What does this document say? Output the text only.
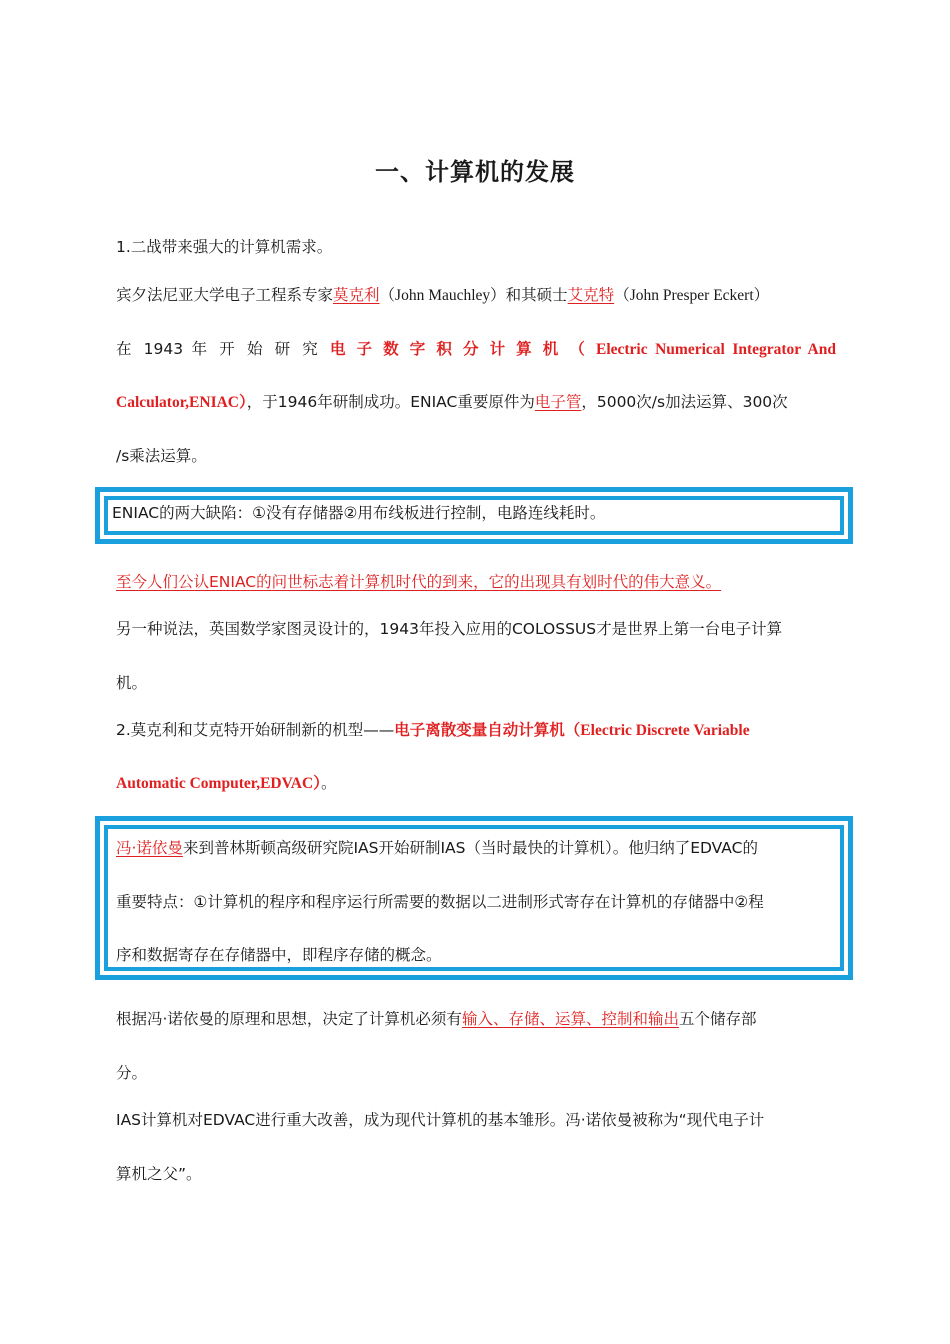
一、计算机的发展
1.二战带来强大的计算机需求。
宾夕法尼亚大学电子工程系专家莫克利（John Mauchley）和其硕士艾克特（John Presper Eckert）
在 1943 年 开 始 研 究 电 子 数 字 积 分 计 算 机 （ Electric Numerical Integrator And
Calculator,ENIAC），于1946年研制成功。ENIAC重要原件为电子管，5000次/s加法运算、300次
/s乘法运算。
ENIAC的两大缺陷：①没有存储器②用布线板进行控制，电路连线耗时。
至今人们公认ENIAC的问世标志着计算机时代的到来，它的出现具有划时代的伟大意义。
另一种说法，英国数学家图灵设计的，1943年投入应用的COLOSSUS才是世界上第一台电子计算
机。
2.莫克利和艾克特开始研制新的机型——电子离散变量自动计算机（Electric Discrete Variable
Automatic Computer,EDVAC）。
冯·诺依曼来到普林斯顿高级研究院IAS开始研制IAS（当时最快的计算机）。他归纳了EDVAC的
重要特点：①计算机的程序和程序运行所需要的数据以二进制形式寄存在计算机的存储器中②程
序和数据寄存在存储器中，即程序存储的概念。
根据冯·诺依曼的原理和思想，决定了计算机必须有输入、存储、运算、控制和输出五个储存部
分。
IAS计算机对EDVAC进行重大改善，成为现代计算机的基本雏形。冯·诺依曼被称为“现代电子计
算机之父”。
